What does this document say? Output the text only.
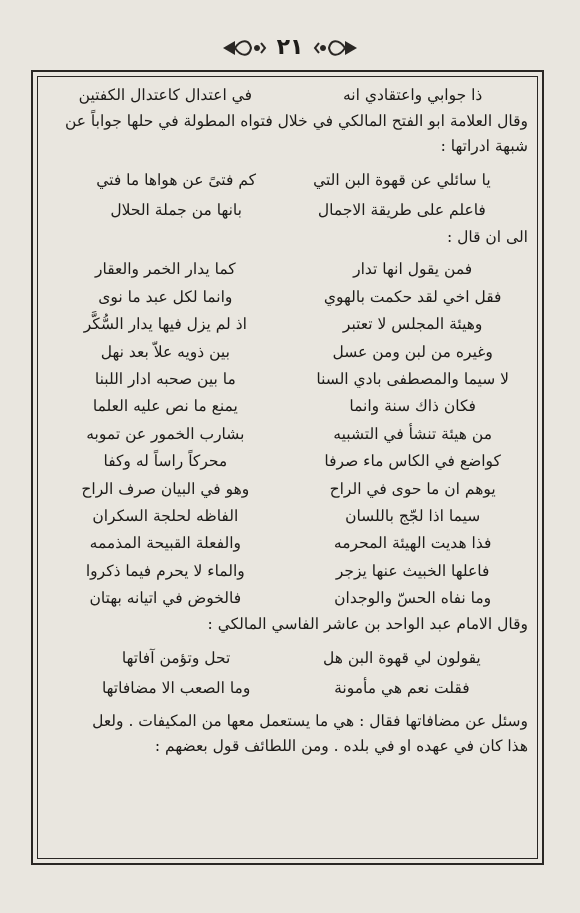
٢١
ذا جوابي واعتقادي انه
في اعتدال كاعتدال الكفتين
وقال العلامة ابو الفتح المالكي في خلال فتواه المطولة في حلها جواباً عن
شبهة ادراتها :
يا سائلي عن قهوة البن التي
كم فتىً عن هواها ما فتي
فاعلم على طريقة الاجمال
بانها من جملة الحلال
الى ان قال :
فمن يقول انها تدار
كما يدار الخمر والعقار
فقل اخي لقد حكمت بالهوي
وانما لكل عبد ما نوى
وهيئة المجلس لا تعتبر
اذ لم يزل فيها يدار السُّكَّر
وغيره من لبن ومن عسل
بين ذويه علاّ بعد نهل
لا سيما والمصطفى بادي السنا
ما بين صحبه ادار اللبنا
فكان ذاك سنة وانما
يمنع ما نص عليه العلما
من هيئة تنشأ في التشبيه
بشارب الخمور عن تموبه
كواضع في الكاس ماء صرفا
محركاً راساً له وكفا
يوهم ان ما حوى في الراح
وهو في البيان صرف الراح
سيما اذا لجّج باللسان
الفاظه لحلجة السكران
فذا هديت الهيئة المحرمه
والفعلة القبيحة المذممه
فاعلها الخبيث عنها يزجر
والماء لا يحرم فيما ذكروا
وما نفاه الحسّ والوجدان
فالخوض في اتيانه بهتان
وقال الامام عبد الواحد بن عاشر الفاسي المالكي :
يقولون لي قهوة البن هل
تحل وتؤمن آفاتها
فقلت نعم هي مأمونة
وما الصعب الا مضافاتها
وسئل عن مضافاتها فقال : هي ما يستعمل معها من المكيفات . ولعل
هذا كان في عهده او في بلده . ومن اللطائف قول بعضهم :
